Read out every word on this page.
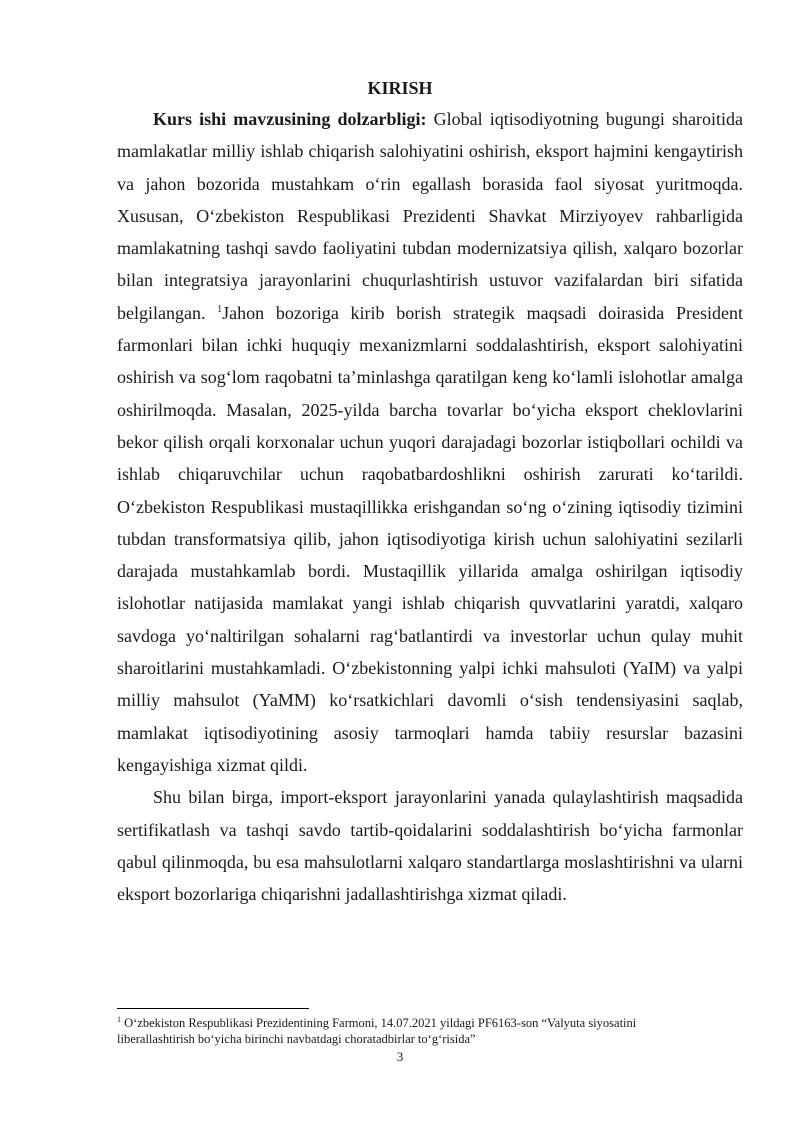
KIRISH

Kurs ishi mavzusining dolzarbligi: Global iqtisodiyotning bugungi sharoitida mamlakatlar milliy ishlab chiqarish salohiyatini oshirish, eksport hajmini kengaytirish va jahon bozorida mustahkam o‘rin egallash borasida faol siyosat yuritmoqda. Xususan, O‘zbekiston Respublikasi Prezidenti Shavkat Mirziyoyev rahbarligida mamlakatning tashqi savdo faoliyatini tubdan modernizatsiya qilish, xalqaro bozorlar bilan integratsiya jarayonlarini chuqurlashtirish ustuvor vazifalardan biri sifatida belgilangan. $^1$Jahon bozoriga kirib borish strategik maqsadi doirasida President farmonlari bilan ichki huquqiy mexanizmlarni soddalashtirish, eksport salohiyatini oshirish va sog‘lom raqobatni ta’minlashga qaratilgan keng ko‘lamli islohotlar amalga oshirilmoqda. Masalan, 2025-yilda barcha tovarlar bo‘yicha eksport cheklovlarini bekor qilish orqali korxonalar uchun yuqori darajadagi bozorlar istiqbollari ochildi va ishlab chiqaruvchilar uchun raqobatbardoshlikni oshirish zarurati ko‘tarildi. O‘zbekiston Respublikasi mustaqillikka erishgandan so‘ng o‘zining iqtisodiy tizimini tubdan transformatsiya qilib, jahon iqtisodiyotiga kirish uchun salohiyatini sezilarli darajada mustahkamlab bordi. Mustaqillik yillarida amalga oshirilgan iqtisodiy islohotlar natijasida mamlakat yangi ishlab chiqarish quvvatlarini yaratdi, xalqaro savdoga yo‘naltirilgan sohalarni rag‘batlantirdi va investorlar uchun qulay muhit sharoitlarini mustahkamladi. O‘zbekistonning yalpi ichki mahsuloti (YaIM) va yalpi milliy mahsulot (YaMM) ko‘rsatkichlari davomli o‘sish tendensiyasini saqlab, mamlakat iqtisodiyotining asosiy tarmoqlari hamda tabiiy resurslar bazasini kengayishiga xizmat qildi.

Shu bilan birga, import-eksport jarayonlarini yanada qulaylashtirish maqsadida sertifikatlash va tashqi savdo tartib-qoidalarini soddalashtirish bo‘yicha farmonlar qabul qilinmoqda, bu esa mahsulotlarni xalqaro standartlarga moslashtirishni va ularni eksport bozorlariga chiqarishni jadallashtirishga xizmat qiladi.

$^1$ O‘zbekiston Respublikasi Prezidentining Farmoni, 14.07.2021 yildagi PF6163-son “Valyuta siyosatini liberallashtirish bo‘yicha birinchi navbatdagi choratadbirlar to‘g‘risida”
3
